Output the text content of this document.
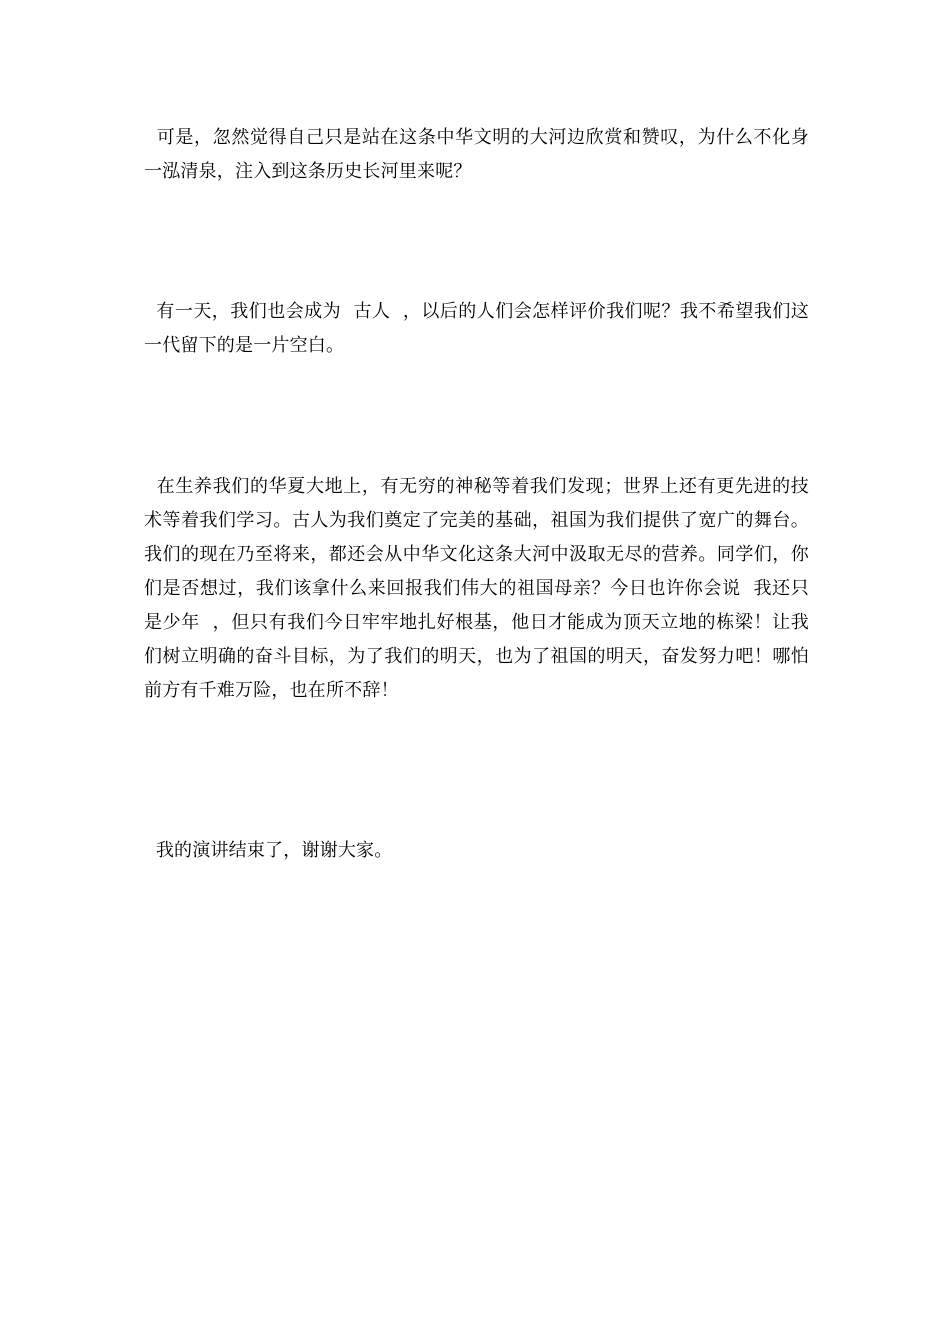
可是，忽然觉得自己只是站在这条中华文明的大河边欣赏和赞叹，为什么不化身一泓清泉，注入到这条历史长河里来呢？

有一天，我们也会成为  古人  ，以后的人们会怎样评价我们呢？我不希望我们这一代留下的是一片空白。

在生养我们的华夏大地上，有无穷的神秘等着我们发现；世界上还有更先进的技术等着我们学习。古人为我们奠定了完美的基础，祖国为我们提供了宽广的舞台。我们的现在乃至将来，都还会从中华文化这条大河中汲取无尽的营养。同学们，你们是否想过，我们该拿什么来回报我们伟大的祖国母亲？今日也许你会说  我还只是少年  ，但只有我们今日牢牢地扎好根基，他日才能成为顶天立地的栋梁！让我们树立明确的奋斗目标，为了我们的明天，也为了祖国的明天，奋发努力吧！哪怕前方有千难万险，也在所不辞！

我的演讲结束了，谢谢大家。
